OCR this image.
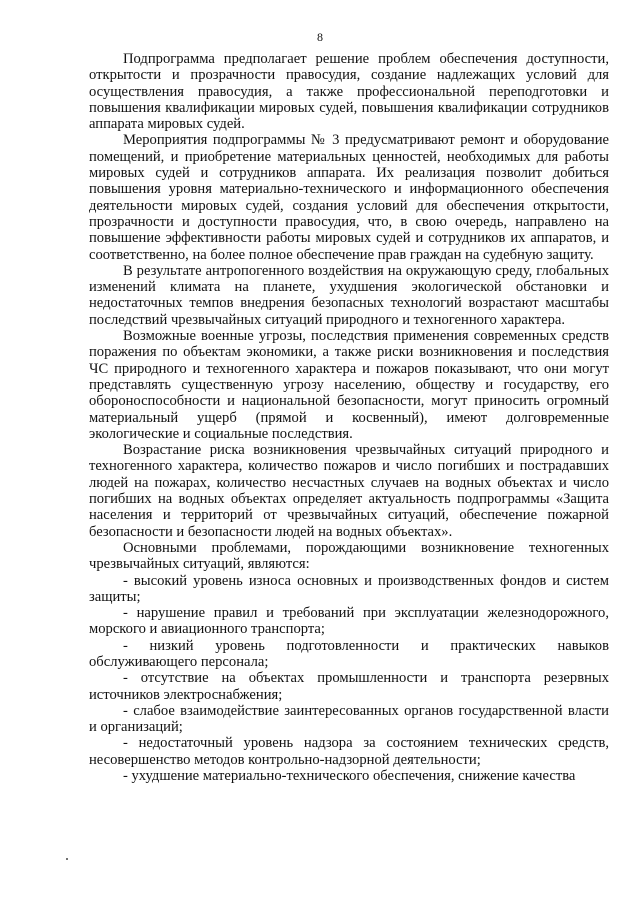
8

Подпрограмма предполагает решение проблем обеспечения доступности, открытости и прозрачности правосудия, создание надлежащих условий для осуществления правосудия, а также профессиональной переподготовки и повышения квалификации мировых судей, повышения квалификации сотрудников аппарата мировых судей.

Мероприятия подпрограммы № 3 предусматривают ремонт и оборудование помещений, и приобретение материальных ценностей, необходимых для работы мировых судей и сотрудников аппарата. Их реализация позволит добиться повышения уровня материально-технического и информационного обеспечения деятельности мировых судей, создания условий для обеспечения открытости, прозрачности и доступности правосудия, что, в свою очередь, направлено на повышение эффективности работы мировых судей и сотрудников их аппаратов, и соответственно, на более полное обеспечение прав граждан на судебную защиту.

В результате антропогенного воздействия на окружающую среду, глобальных изменений климата на планете, ухудшения экологической обстановки и недостаточных темпов внедрения безопасных технологий возрастают масштабы последствий чрезвычайных ситуаций природного и техногенного характера.

Возможные военные угрозы, последствия применения современных средств поражения по объектам экономики, а также риски возникновения и последствия ЧС природного и техногенного характера и пожаров показывают, что они могут представлять существенную угрозу населению, обществу и государству, его обороноспособности и национальной безопасности, могут приносить огромный материальный ущерб (прямой и косвенный), имеют долговременные экологические и социальные последствия.

Возрастание риска возникновения чрезвычайных ситуаций природного и техногенного характера, количество пожаров и число погибших и пострадавших людей на пожарах, количество несчастных случаев на водных объектах и число погибших на водных объектах определяет актуальность подпрограммы «Защита населения и территорий от чрезвычайных ситуаций, обеспечение пожарной безопасности и безопасности людей на водных объектах».

Основными проблемами, порождающими возникновение техногенных чрезвычайных ситуаций, являются:

- высокий уровень износа основных и производственных фондов и систем защиты;

- нарушение правил и требований при эксплуатации железнодорожного, морского и авиационного транспорта;

- низкий уровень подготовленности и практических навыков обслуживающего персонала;

- отсутствие на объектах промышленности и транспорта резервных источников электроснабжения;

- слабое взаимодействие заинтересованных органов государственной власти и организаций;

- недостаточный уровень надзора за состоянием технических средств, несовершенство методов контрольно-надзорной деятельности;

- ухудшение материально-технического обеспечения, снижение качества
